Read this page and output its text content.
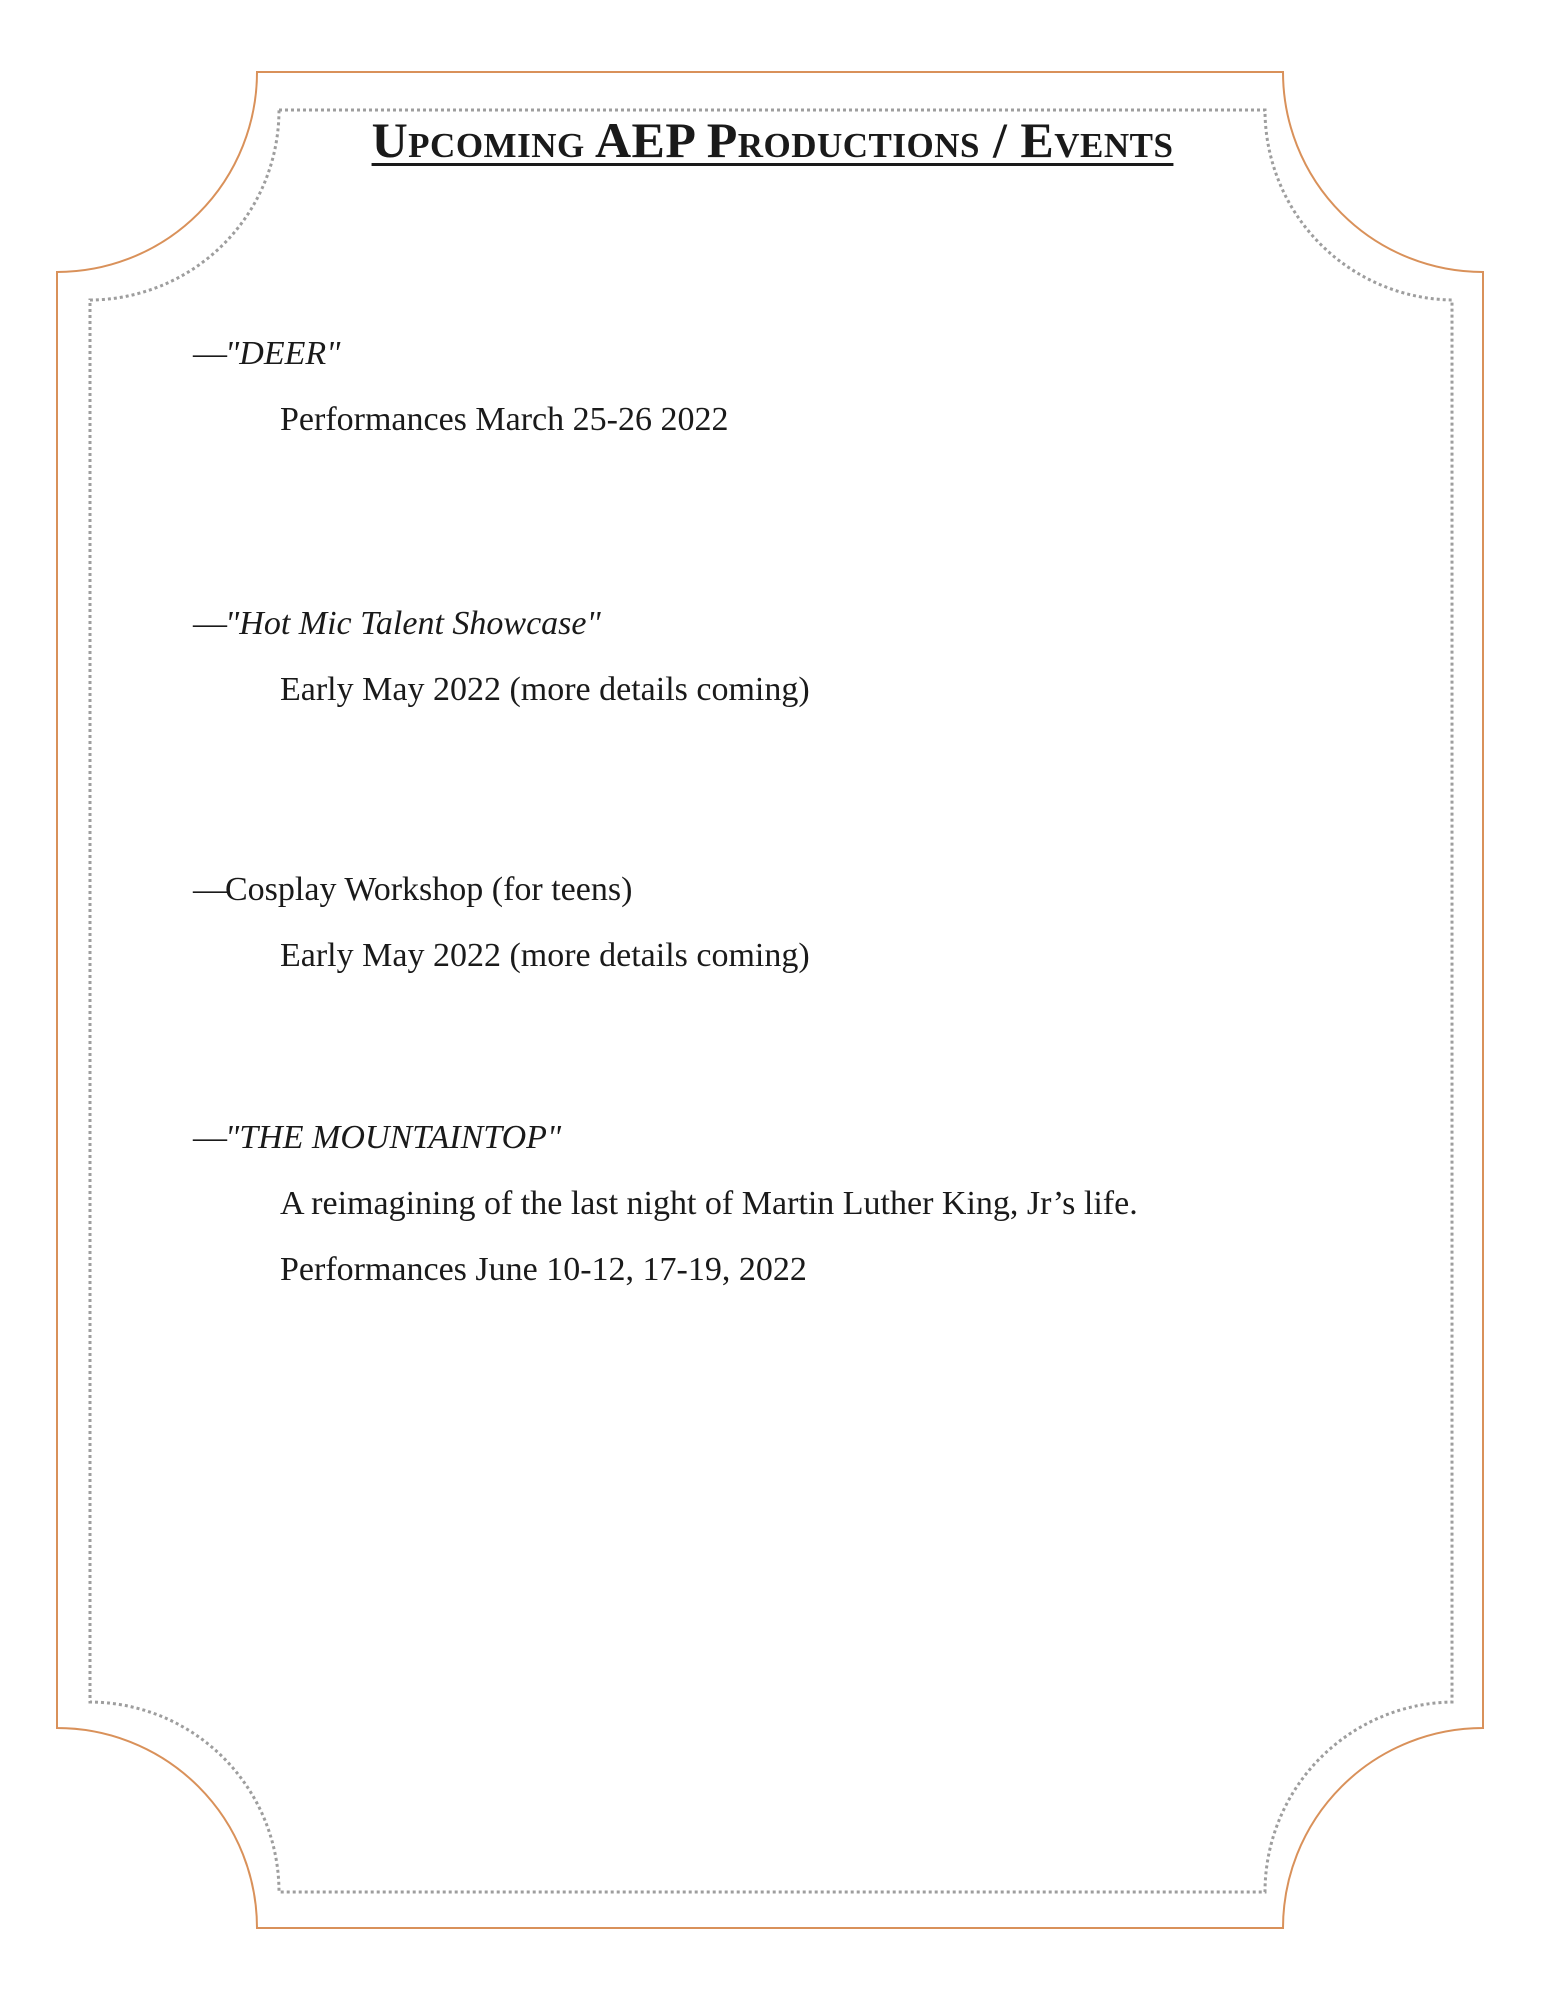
Upcoming AEP Productions / Events
—"DEER"
Performances March 25-26 2022
—"Hot Mic Talent Showcase"
Early May 2022 (more details coming)
—Cosplay Workshop (for teens)
Early May 2022 (more details coming)
—"THE MOUNTAINTOP"
A reimagining of the last night of Martin Luther King, Jr’s life.
Performances June 10-12, 17-19, 2022
